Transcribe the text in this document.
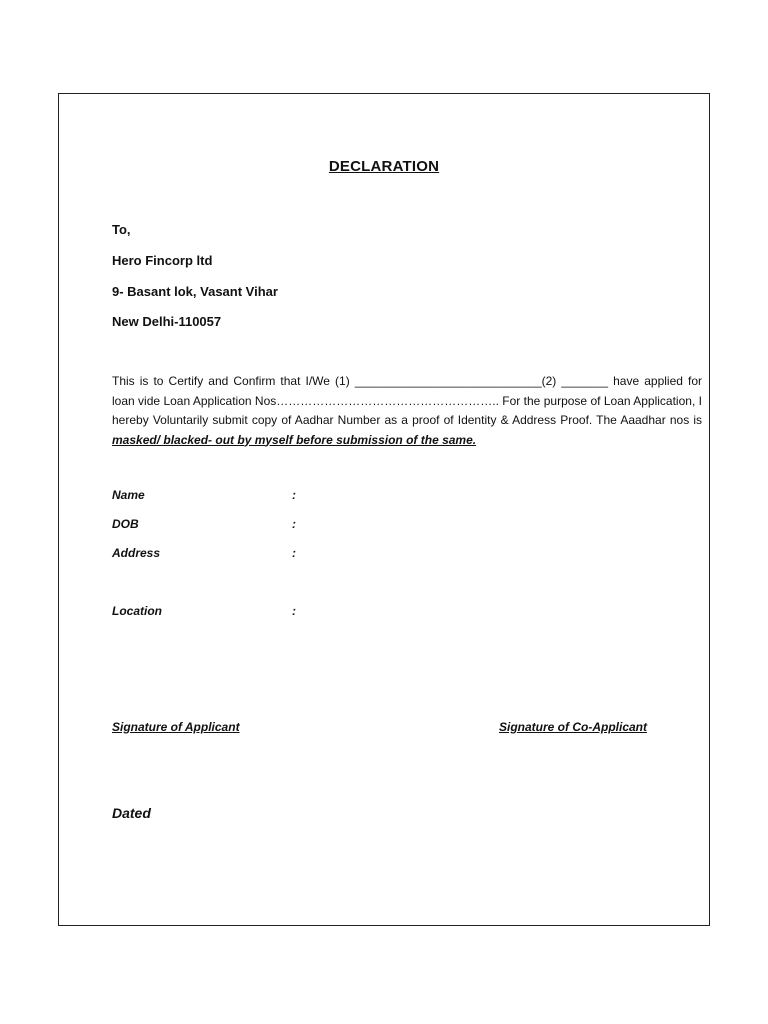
DECLARATION
To,
Hero Fincorp ltd
9- Basant lok, Vasant Vihar
New Delhi-110057
This is to Certify and Confirm that I/We (1) ____________________________(2) _______ have applied for loan vide Loan Application Nos……………………………………………….. For the purpose of Loan Application, I hereby Voluntarily submit copy of Aadhar Number as a proof of Identity & Address Proof. The Aaadhar nos is masked/ blacked- out by myself before submission of the same.
Name	:
DOB	:
Address	:
Location	:
Signature of Applicant	Signature of Co-Applicant
Dated
